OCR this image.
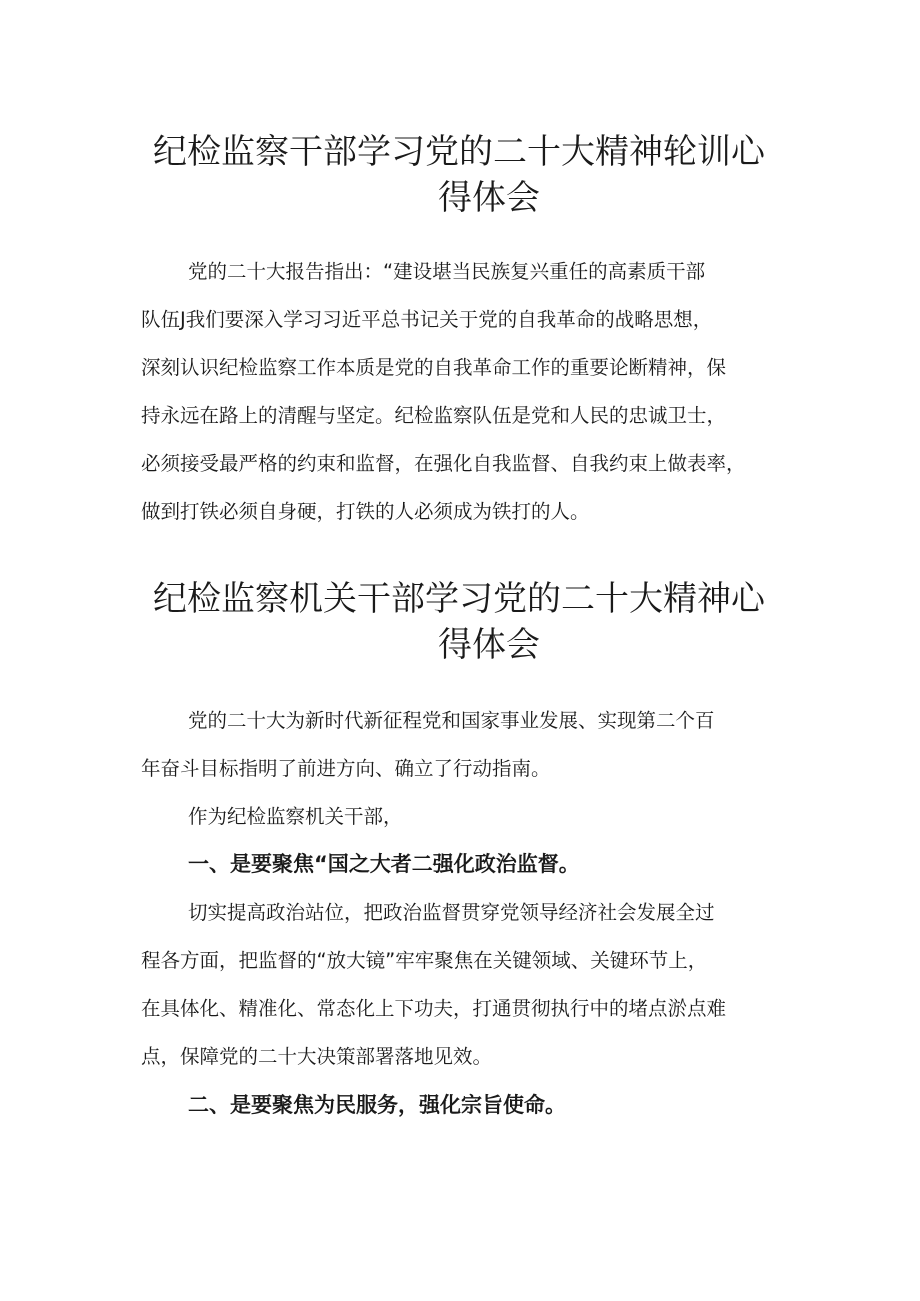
纪检监察干部学习党的二十大精神轮训心
得体会

党的二十大报告指出：“建设堪当民族复兴重任的高素质干部

队伍J我们要深入学习习近平总书记关于党的自我革命的战略思想，

深刻认识纪检监察工作本质是党的自我革命工作的重要论断精神，保

持永远在路上的清醒与坚定。纪检监察队伍是党和人民的忠诚卫士，

必须接受最严格的约束和监督，在强化自我监督、自我约束上做表率，

做到打铁必须自身硬，打铁的人必须成为铁打的人。

纪检监察机关干部学习党的二十大精神心
得体会

党的二十大为新时代新征程党和国家事业发展、实现第二个百

年奋斗目标指明了前进方向、确立了行动指南。

作为纪检监察机关干部，

一、是要聚焦“国之大者二强化政治监督。

切实提高政治站位，把政治监督贯穿党领导经济社会发展全过

程各方面，把监督的“放大镜”牢牢聚焦在关键领域、关键环节上，

在具体化、精准化、常态化上下功夫，打通贯彻执行中的堵点淤点难

点，保障党的二十大决策部署落地见效。

二、是要聚焦为民服务，强化宗旨使命。
